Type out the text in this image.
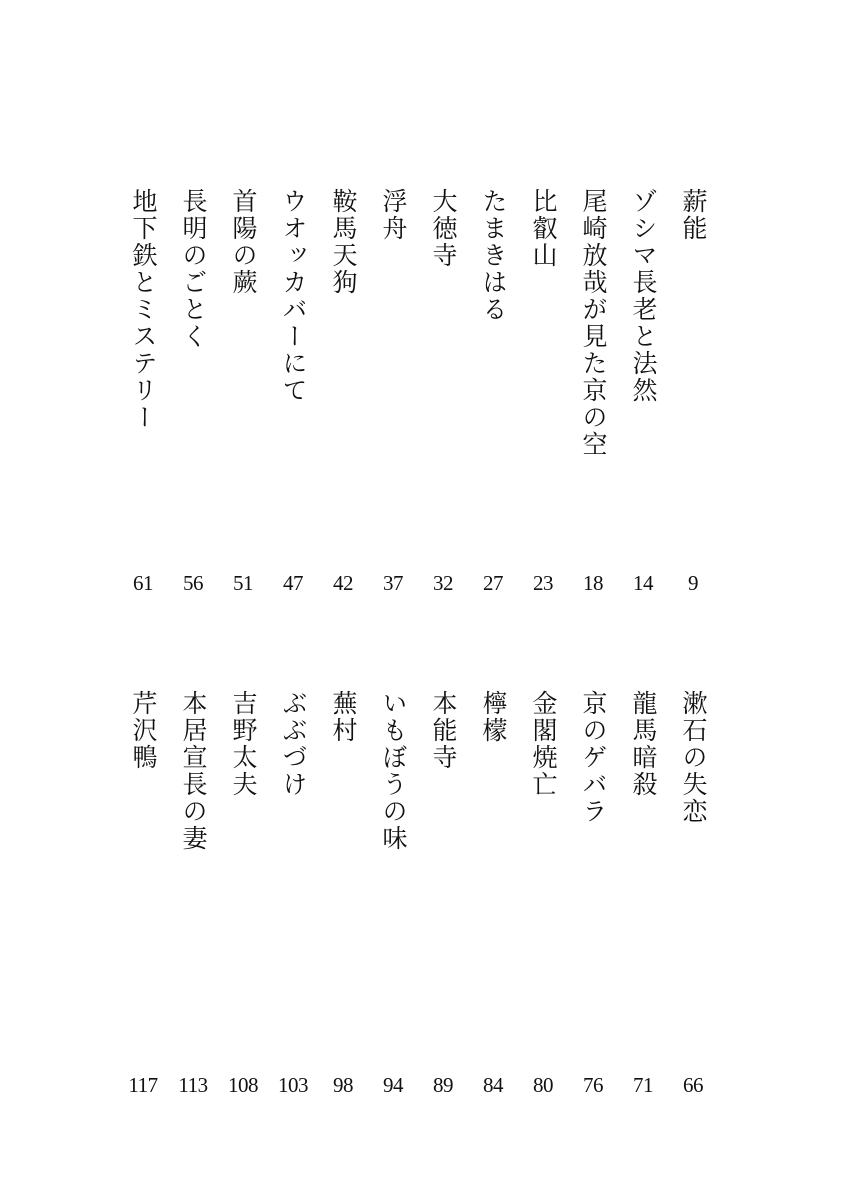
薪能
9
ゾシマ長老と法然
14
尾崎放哉が見た京の空
18
比叡山
23
たまきはる
27
大徳寺
32
浮舟
37
鞍馬天狗
42
ウオッカバーにて
47
首陽の蕨
51
長明のごとく
56
地下鉄とミステリー
61
漱石の失恋
66
龍馬暗殺
71
京のゲバラ
76
金閣焼亡
80
檸檬
84
本能寺
89
いもぼうの味
94
蕪村
98
ぶぶづけ
103
吉野太夫
108
本居宣長の妻
113
芹沢鴨
117
